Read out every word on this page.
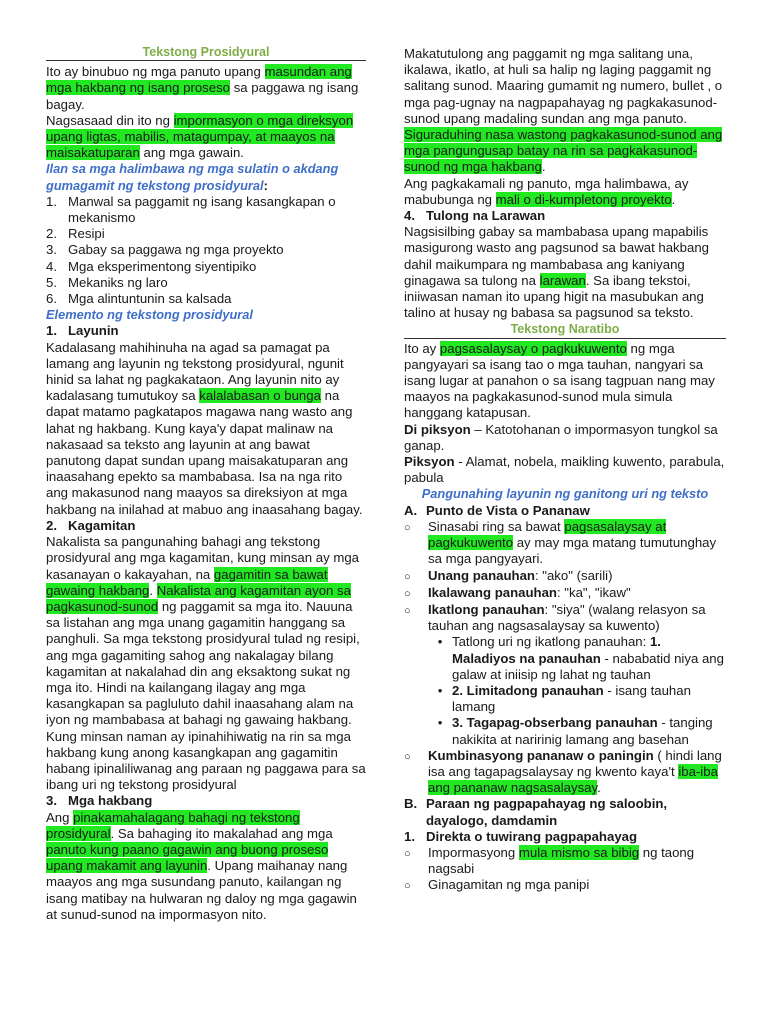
Tekstong Prosidyural

Ito ay binubuo ng mga panuto upang masundan ang mga hakbang ng isang proseso sa paggawa ng isang bagay.

Nagsasaad din ito ng impormasyon o mga direksyon upang ligtas, mabilis, matagumpay, at maayos na maisakatuparan ang mga gawain.

Ilan sa mga halimbawa ng mga sulatin o akdang gumagamit ng tekstong prosidyural:

1. Manwal sa paggamit ng isang kasangkapan o mekanismo
2. Resipi
3. Gabay sa paggawa ng mga proyekto
4. Mga eksperimentong siyentipiko
5. Mekaniks ng laro
6. Mga alintuntunin sa kalsada

Elemento ng tekstong prosidyural

1. Layunin

Kadalasang mahihinuha na agad sa pamagat pa lamang ang layunin ng tekstong prosidyural, ngunit hinid sa lahat ng pagkakataon. Ang layunin nito ay kadalasang tumutukoy sa kalalabasan o bunga na dapat matamo pagkatapos magawa nang wasto ang lahat ng hakbang. Kung kaya'y dapat malinaw na nakasaad sa teksto ang layunin at ang bawat panutong dapat sundan upang maisakatuparan ang inaasahang epekto sa mambabasa. Isa na nga rito ang makasunod nang maayos sa direksiyon at mga hakbang na inilahad at mabuo ang inaasahang bagay.

2. Kagamitan

Nakalista sa pangunahing bahagi ang tekstong prosidyural ang mga kagamitan, kung minsan ay mga kasanayan o kakayahan, na gagamitin sa bawat gawaing hakbang. Nakalista ang kagamitan ayon sa pagkasunod-sunod ng paggamit sa mga ito. Nauuna sa listahan ang mga unang gagamitin hanggang sa panghuli. Sa mga tekstong prosidyural tulad ng resipi, ang mga gagamiting sahog ang nakalagay bilang kagamitan at nakalahad din ang eksaktong sukat ng mga ito. Hindi na kailangang ilagay ang mga kasangkapan sa pagluluto dahil inaasahang alam na iyon ng mambabasa at bahagi ng gawaing hakbang. Kung minsan naman ay ipinahihiwatig na rin sa mga hakbang kung anong kasangkapan ang gagamitin habang ipinaliliwanag ang paraan ng paggawa para sa ibang uri ng tekstong prosidyural

3. Mga hakbang

Ang pinakamahalagang bahagi ng tekstong prosidyural. Sa bahaging ito makalahad ang mga panuto kung paano gagawin ang buong proseso upang makamit ang layunin. Upang maihanay nang maayos ang mga susundang panuto, kailangan ng isang matibay na hulwaran ng daloy ng mga gagawin at sunud-sunod na impormasyon nito.

Makatutulong ang paggamit ng mga salitang una, ikalawa, ikatlo, at huli sa halip ng laging paggamit ng salitang sunod. Maaring gumamit ng numero, bullet , o mga pag-ugnay na nagpapahayag ng pagkakasunod-sunod upang madaling sundan ang mga panuto. Siguraduhing nasa wastong pagkakasunod-sunod ang mga pangungusap batay na rin sa pagkakasunod-sunod ng mga hakbang.

Ang pagkakamali ng panuto, mga halimbawa, ay mabubunga ng mali o di-kumpletong proyekto.

4. Tulong na Larawan

Nagsisilbing gabay sa mambabasa upang mapabilis masigurong wasto ang pagsunod sa bawat hakbang dahil maikumpara ng mambabasa ang kaniyang ginagawa sa tulong na larawan. Sa ibang tekstoi, iniiwasan naman ito upang higit na masubukan ang talino at husay ng babasa sa pagsunod sa teksto.

Tekstong Naratibo

Ito ay pagsasalaysay o pagkukuwento ng mga pangyayari sa isang tao o mga tauhan, nangyari sa isang lugar at panahon o sa isang tagpuan nang may maayos na pagkakasunod-sunod mula simula hanggang katapusan.

Di piksyon – Katotohanan o impormasyon tungkol sa ganap.

Piksyon - Alamat, nobela, maikling kuwento, parabula, pabula

Pangunahing layunin ng ganitong uri ng teksto

A. Punto de Vista o Pananaw
○	Sinasabi ring sa bawat pagsasalaysay at pagkukuwento ay may mga matang tumutunghay sa mga pangyayari.
○	Unang panauhan: "ako" (sarili)
○	Ikalawang panauhan: "ka", "ikaw"
○	Ikatlong panauhan: "siya" (walang relasyon sa tauhan ang nagsasalaysay sa kuwento)
• Tatlong uri ng ikatlong panauhan: 1. Maladiyos na panauhan - nababatid niya ang galaw at iniisip ng lahat ng tauhan
• 2. Limitadong panauhan - isang tauhan lamang
• 3. Tagapag-obserbang panauhan - tanging nakikita at naririnig lamang ang basehan
○	Kumbinasyong pananaw o paningin ( hindi lang isa ang tagapagsalaysay ng kwento kaya't iba-iba ang pananaw nagsasalaysay.
B. Paraan ng pagpapahayag ng saloobin, dayalogo, damdamin
1. Direkta o tuwirang pagpapahayag
○	Impormasyong mula mismo sa bibig ng taong nagsabi
○	Ginagamitan ng mga panipi
